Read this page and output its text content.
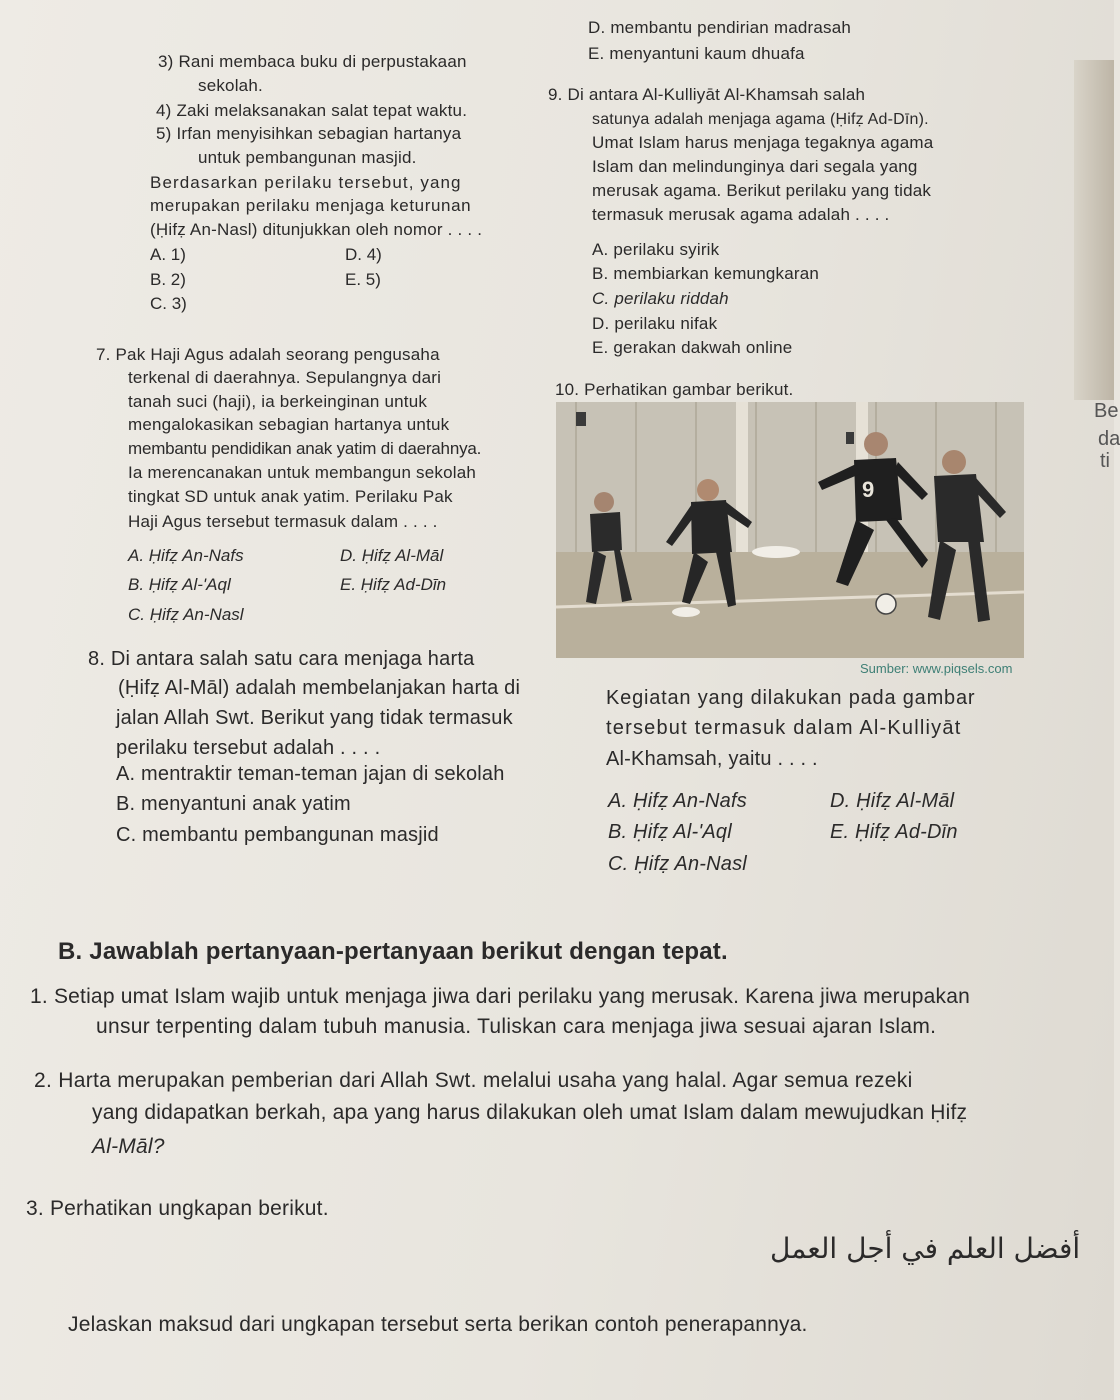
Be
da
ti
3) Rani membaca buku di perpustakaan
sekolah.
4) Zaki melaksanakan salat tepat waktu.
5) Irfan menyisihkan sebagian hartanya
untuk pembangunan masjid.
Berdasarkan perilaku tersebut, yang
merupakan perilaku menjaga keturunan
(Ḥifẓ An-Nasl) ditunjukkan oleh nomor . . . .
A. 1)
B. 2)
C. 3)
D. 4)
E. 5)
7. Pak Haji Agus adalah seorang pengusaha
terkenal di daerahnya. Sepulangnya dari
tanah suci (haji), ia berkeinginan untuk
mengalokasikan sebagian hartanya untuk
membantu pendidikan anak yatim di daerahnya.
Ia merencanakan untuk membangun sekolah
tingkat SD untuk anak yatim. Perilaku Pak
Haji Agus tersebut termasuk dalam . . . .
A. Ḥifẓ An-Nafs
B. Ḥifẓ Al-'Aql
C. Ḥifẓ An-Nasl
D. Ḥifẓ Al-Māl
E. Ḥifẓ Ad-Dīn
8. Di antara salah satu cara menjaga harta
(Ḥifẓ Al-Māl) adalah membelanjakan harta di
jalan Allah Swt. Berikut yang tidak termasuk
perilaku tersebut adalah . . . .
A. mentraktir teman-teman jajan di sekolah
B. menyantuni anak yatim
C. membantu pembangunan masjid
D. membantu pendirian madrasah
E. menyantuni kaum dhuafa
9. Di antara Al-Kulliyāt Al-Khamsah salah
satunya adalah menjaga agama (Ḥifẓ Ad-Dīn).
Umat Islam harus menjaga tegaknya agama
Islam dan melindunginya dari segala yang
merusak agama. Berikut perilaku yang tidak
termasuk merusak agama adalah . . . .
A. perilaku syirik
B. membiarkan kemungkaran
C. perilaku riddah
D. perilaku nifak
E. gerakan dakwah online
10. Perhatikan gambar berikut.
9
Sumber: www.piqsels.com
Kegiatan yang dilakukan pada gambar
tersebut termasuk dalam Al-Kulliyāt
Al-Khamsah, yaitu . . . .
A. Ḥifẓ An-Nafs
B. Ḥifẓ Al-'Aql
C. Ḥifẓ An-Nasl
D. Ḥifẓ Al-Māl
E. Ḥifẓ Ad-Dīn
B. Jawablah pertanyaan-pertanyaan berikut dengan tepat.
1. Setiap umat Islam wajib untuk menjaga jiwa dari perilaku yang merusak. Karena jiwa merupakan
unsur terpenting dalam tubuh manusia. Tuliskan cara menjaga jiwa sesuai ajaran Islam.
2. Harta merupakan pemberian dari Allah Swt. melalui usaha yang halal. Agar semua rezeki
yang didapatkan berkah, apa yang harus dilakukan oleh umat Islam dalam mewujudkan Ḥifẓ
Al-Māl?
3. Perhatikan ungkapan berikut.
أفضل العلم في أجل العمل
Jelaskan maksud dari ungkapan tersebut serta berikan contoh penerapannya.
